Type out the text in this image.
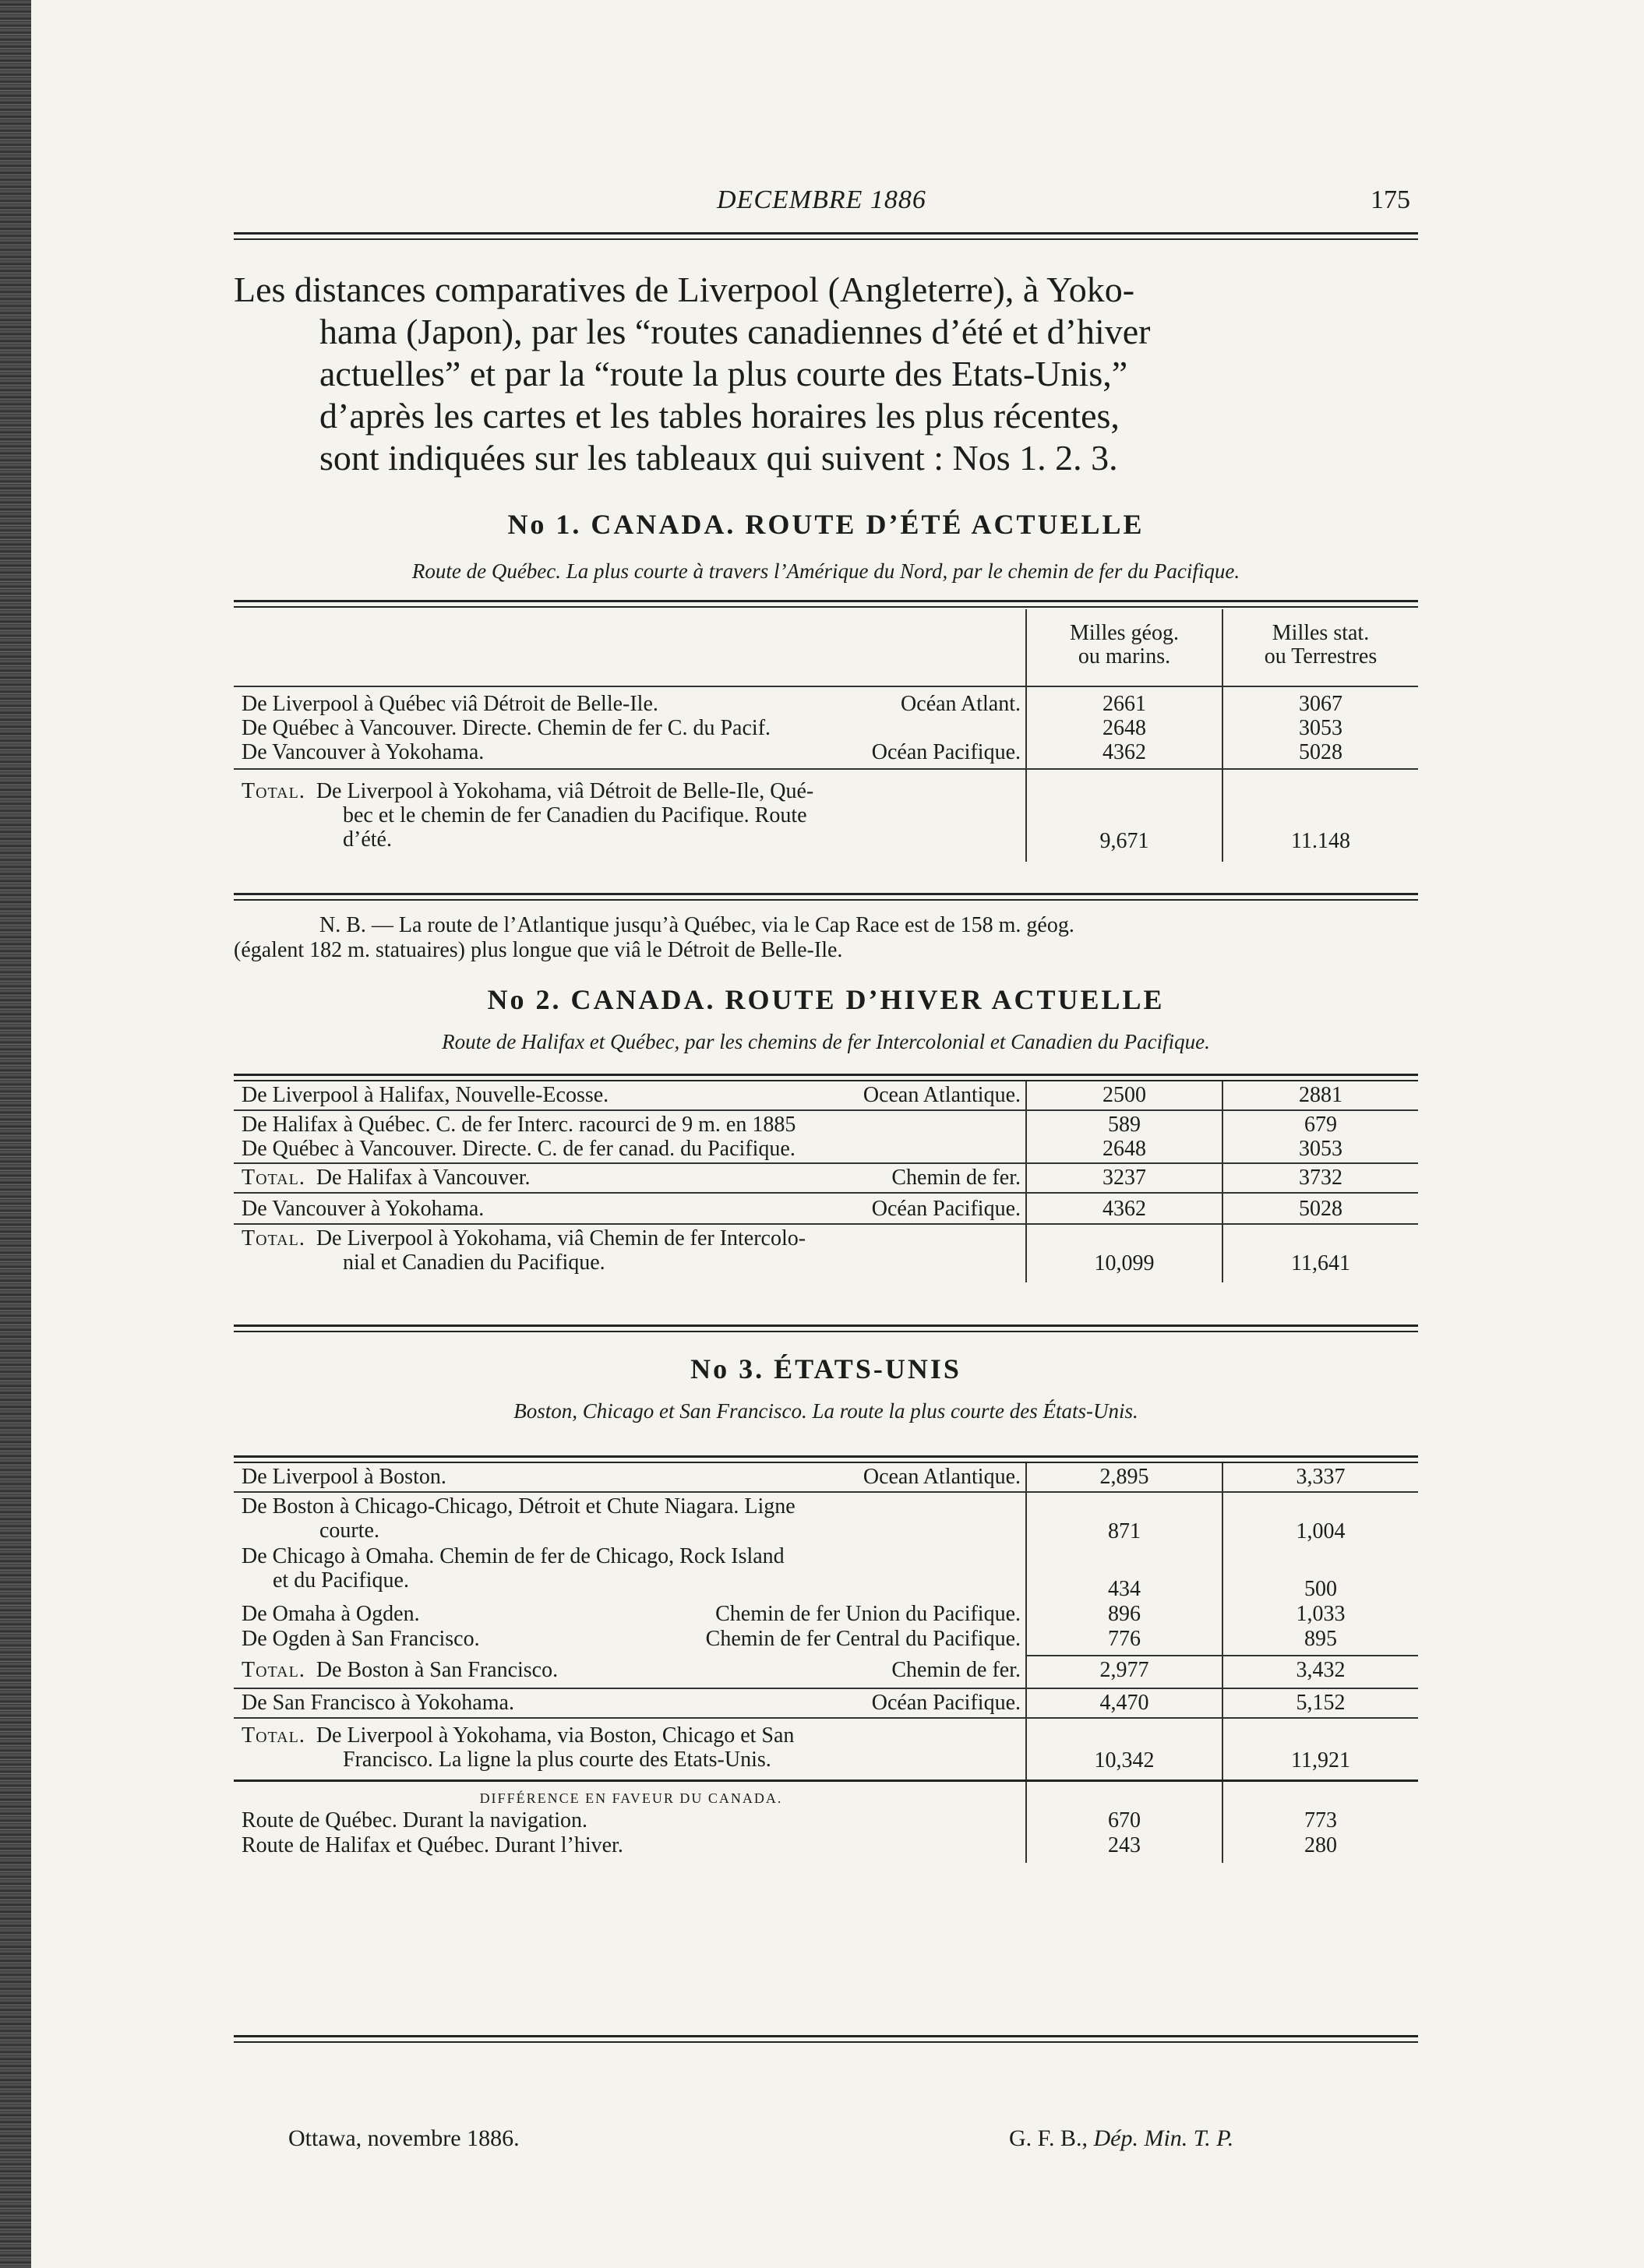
DECEMBRE 1886	175
Les distances comparatives de Liverpool (Angleterre), à Yoko-
hama (Japon), par les “routes canadiennes d’été et d’hiver
actuelles” et par la “route la plus courte des Etats-Unis,”
d’après les cartes et les tables horaires les plus récentes,
sont indiquées sur les tableaux qui suivent : Nos 1. 2. 3.
No 1. CANADA. ROUTE D’ÉTÉ ACTUELLE
Route de Québec. La plus courte à travers l’Amérique du Nord, par le chemin de fer du Pacifique.
Milles géog.
ou marins.
Milles stat.
ou Terrestres
De Liverpool à Québec viâ Détroit de Belle-Ile.	Océan Atlant.	2661	3067
De Québec à Vancouver. Directe. Chemin de fer C. du Pacif.	2648	3053
De Vancouver à Yokohama.	Océan Pacifique.	4362	5028
Total. De Liverpool à Yokohama, viâ Détroit de Belle-Ile, Qué-
bec et le chemin de fer Canadien du Pacifique. Route
d’été.	9,671	11.148
N. B. — La route de l’Atlantique jusqu’à Québec, via le Cap Race est de 158 m. géog.
(égalent 182 m. statuaires) plus longue que viâ le Détroit de Belle-Ile.
No 2. CANADA. ROUTE D’HIVER ACTUELLE
Route de Halifax et Québec, par les chemins de fer Intercolonial et Canadien du Pacifique.
De Liverpool à Halifax, Nouvelle-Ecosse.	Ocean Atlantique.	2500	2881
De Halifax à Québec. C. de fer Interc. racourci de 9 m. en 1885	589	679
De Québec à Vancouver. Directe. C. de fer canad. du Pacifique.	2648	3053
Total. De Halifax à Vancouver.	Chemin de fer.	3237	3732
De Vancouver à Yokohama.	Océan Pacifique.	4362	5028
Total. De Liverpool à Yokohama, viâ Chemin de fer Intercolo-
nial et Canadien du Pacifique.	10,099	11,641
No 3. ÉTATS-UNIS
Boston, Chicago et San Francisco. La route la plus courte des États-Unis.
De Liverpool à Boston.	Ocean Atlantique.	2,895	3,337
De Boston à Chicago-Chicago, Détroit et Chute Niagara. Ligne
courte.	871	1,004
De Chicago à Omaha. Chemin de fer de Chicago, Rock Island
et du Pacifique.	434	500
De Omaha à Ogden.	Chemin de fer Union du Pacifique.	896	1,033
De Ogden à San Francisco.	Chemin de fer Central du Pacifique.	776	895
Total. De Boston à San Francisco.	Chemin de fer.	2,977	3,432
De San Francisco à Yokohama.	Océan Pacifique.	4,470	5,152
Total. De Liverpool à Yokohama, via Boston, Chicago et San
Francisco. La ligne la plus courte des Etats-Unis.	10,342	11,921
DIFFÉRENCE EN FAVEUR DU CANADA.
Route de Québec. Durant la navigation.	670	773
Route de Halifax et Québec. Durant l’hiver.	243	280
Ottawa, novembre 1886.	G. F. B., Dép. Min. T. P.
